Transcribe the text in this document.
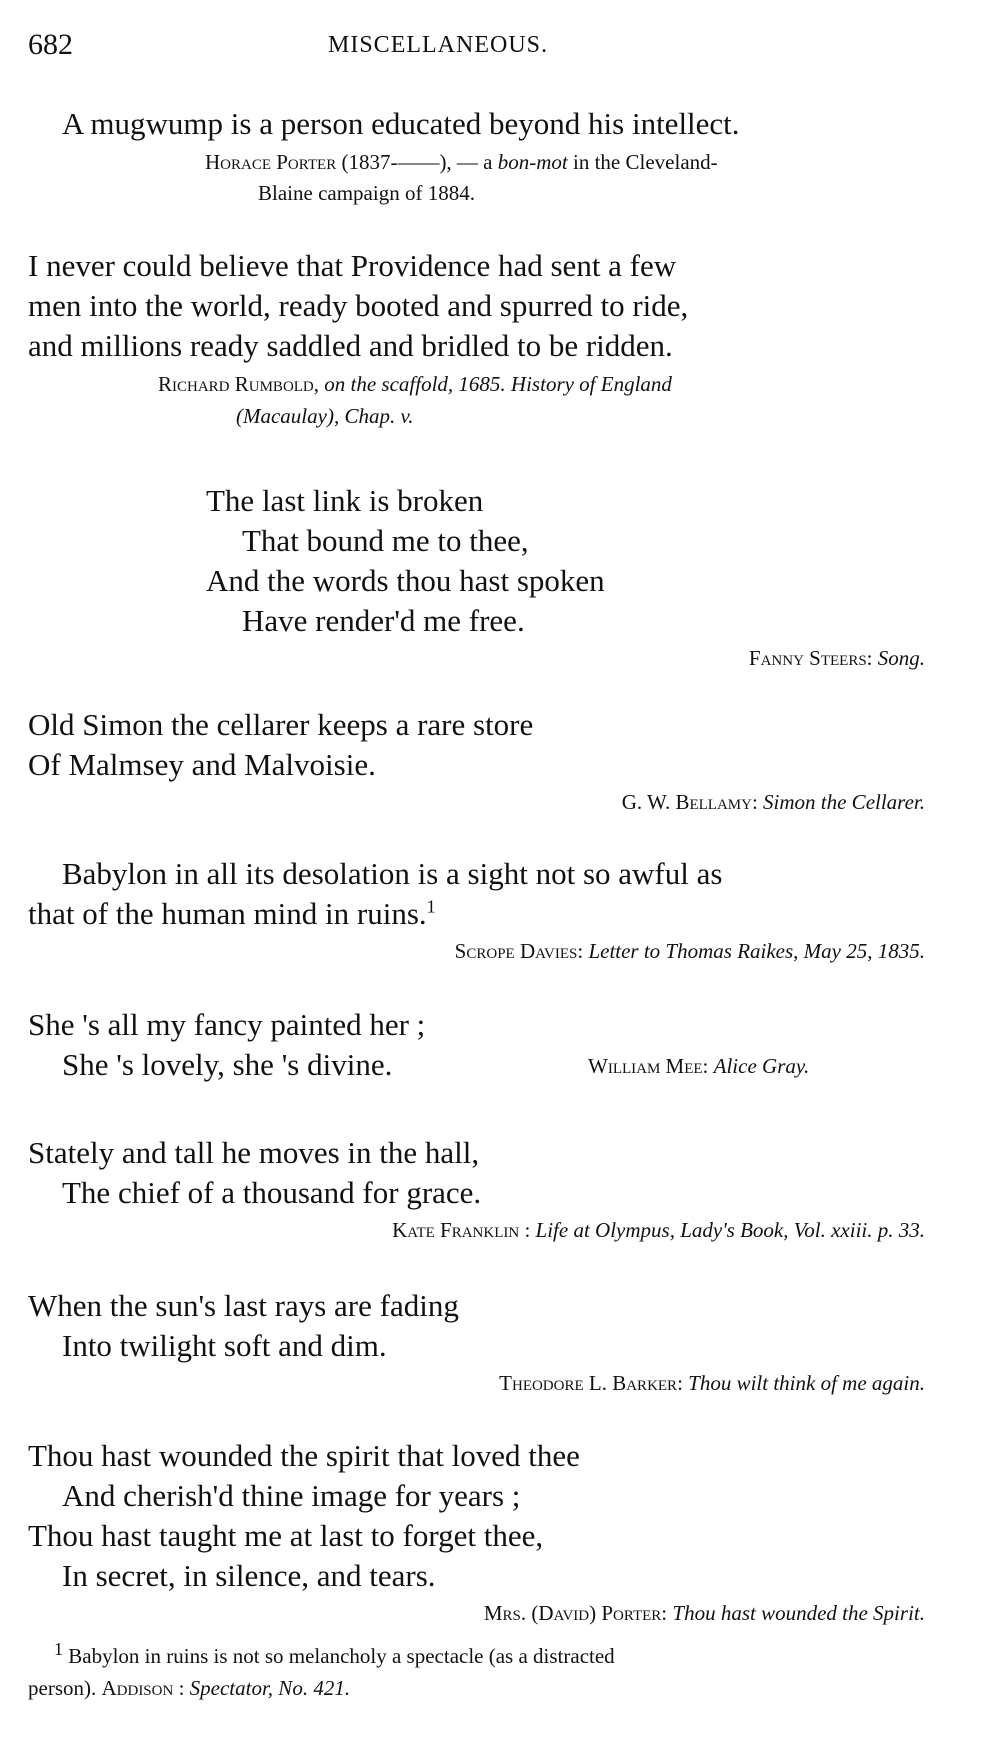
682	MISCELLANEOUS.
A mugwump is a person educated beyond his intellect.
Horace Porter (1837-——), — a bon-mot in the Cleveland-
Blaine campaign of 1884.
I never could believe that Providence had sent a few
men into the world, ready booted and spurred to ride,
and millions ready saddled and bridled to be ridden.
Richard Rumbold, on the scaffold, 1685. History of England
(Macaulay), Chap. v.
The last link is broken
That bound me to thee,
And the words thou hast spoken
Have render'd me free.
Fanny Steers: Song.
Old Simon the cellarer keeps a rare store
Of Malmsey and Malvoisie.
G. W. Bellamy: Simon the Cellarer.
Babylon in all its desolation is a sight not so awful as
that of the human mind in ruins.$^1$
Scrope Davies: Letter to Thomas Raikes, May 25, 1835.
She 's all my fancy painted her ;
She 's lovely, she 's divine.	William Mee: Alice Gray.
Stately and tall he moves in the hall,
The chief of a thousand for grace.
Kate Franklin : Life at Olympus, Lady's Book, Vol. xxiii. p. 33.
When the sun's last rays are fading
Into twilight soft and dim.
Theodore L. Barker: Thou wilt think of me again.
Thou hast wounded the spirit that loved thee
And cherish'd thine image for years ;
Thou hast taught me at last to forget thee,
In secret, in silence, and tears.
Mrs. (David) Porter: Thou hast wounded the Spirit.
1 Babylon in ruins is not so melancholy a spectacle (as a distracted
person). Addison : Spectator, No. 421.
